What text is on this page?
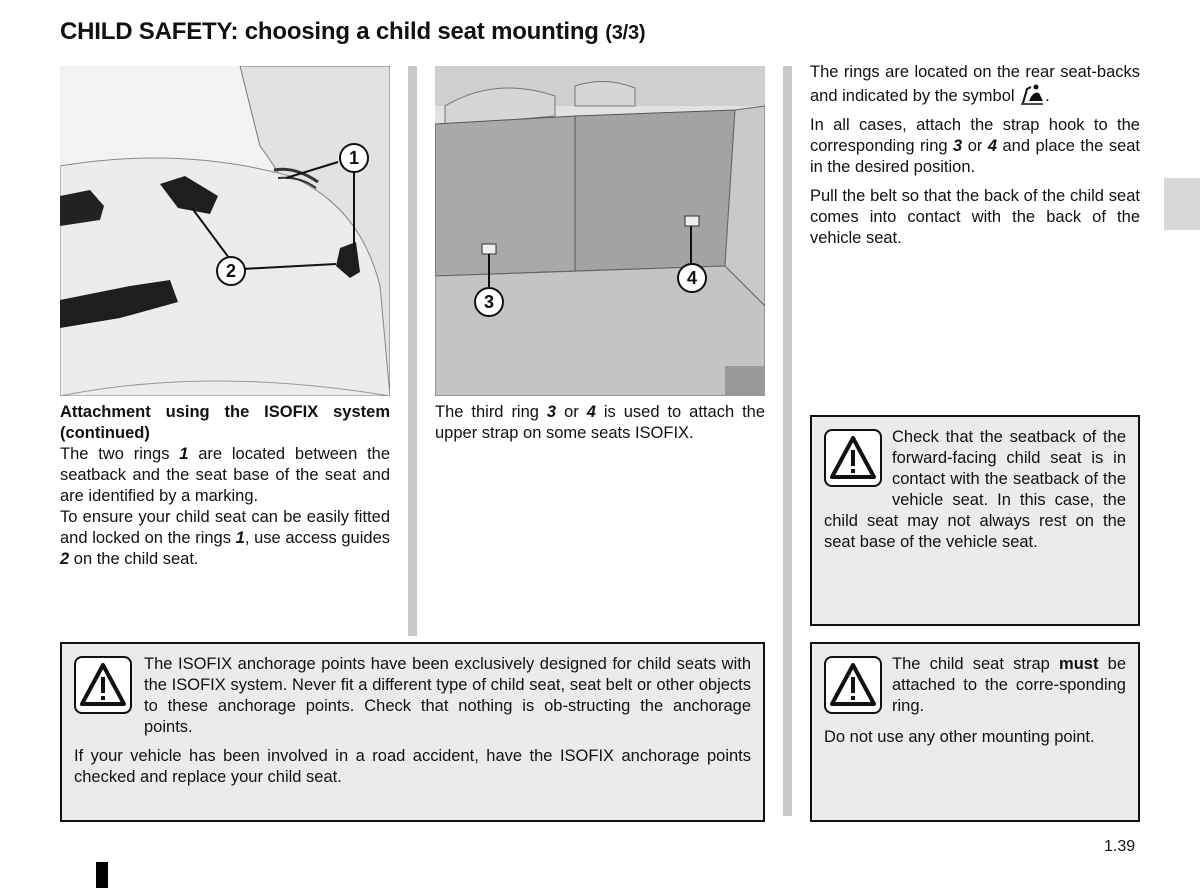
CHILD SAFETY: choosing a child seat mounting (3/3)
1
2
3
4

Attachment using the ISOFIX system (continued)

The two rings 1 are located between the seatback and the seat base of the seat and are identified by a marking.

To ensure your child seat can be easily fitted and locked on the rings 1, use access guides 2 on the child seat.

The third ring 3 or 4 is used to attach the upper strap on some seats ISOFIX.

The rings are located on the rear seat-backs and indicated by the symbol .

In all cases, attach the strap hook to the corresponding ring 3 or 4 and place the seat in the desired position.

Pull the belt so that the back of the child seat comes into contact with the back of the vehicle seat.

Check that the seatback of the forward-facing child seat is in contact with the seatback of the vehicle seat. In this case, the child seat may not always rest on the seat base of the vehicle seat.

The ISOFIX anchorage points have been exclusively designed for child seats with the ISOFIX system. Never fit a different type of child seat, seat belt or other objects to these anchorage points. Check that nothing is ob-structing the anchorage points.

If your vehicle has been involved in a road accident, have the ISOFIX anchorage points checked and replace your child seat.

The child seat strap must be attached to the corre-sponding ring.

Do not use any other mounting point.

1.39
